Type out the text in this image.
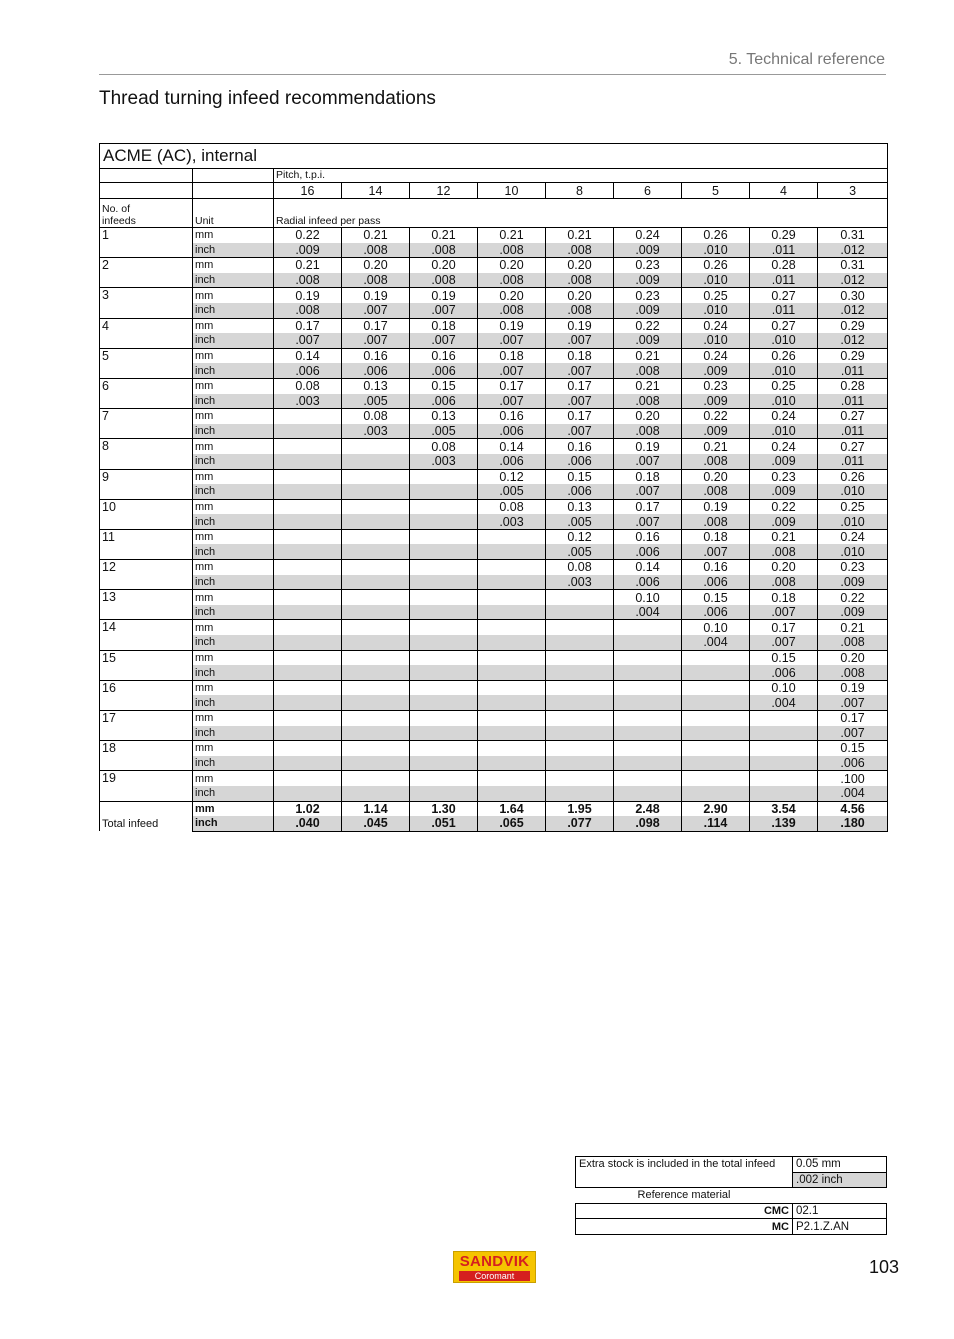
5. Technical reference
Thread turning infeed recommendations
ACME (AC), internal										
		Pitch, t.p.i.								
		16	14	12	10	8	6	5	4	3
No. of
infeeds	Unit	Radial infeed per pass								
1	mm	0.22	0.21	0.21	0.21	0.21	0.24	0.26	0.29	0.31
	inch	.009	.008	.008	.008	.008	.009	.010	.011	.012
2	mm	0.21	0.20	0.20	0.20	0.20	0.23	0.26	0.28	0.31
	inch	.008	.008	.008	.008	.008	.009	.010	.011	.012
3	mm	0.19	0.19	0.19	0.20	0.20	0.23	0.25	0.27	0.30
	inch	.008	.007	.007	.008	.008	.009	.010	.011	.012
4	mm	0.17	0.17	0.18	0.19	0.19	0.22	0.24	0.27	0.29
	inch	.007	.007	.007	.007	.007	.009	.010	.010	.012
5	mm	0.14	0.16	0.16	0.18	0.18	0.21	0.24	0.26	0.29
	inch	.006	.006	.006	.007	.007	.008	.009	.010	.011
6	mm	0.08	0.13	0.15	0.17	0.17	0.21	0.23	0.25	0.28
	inch	.003	.005	.006	.007	.007	.008	.009	.010	.011
7	mm		0.08	0.13	0.16	0.17	0.20	0.22	0.24	0.27
	inch		.003	.005	.006	.007	.008	.009	.010	.011
8	mm			0.08	0.14	0.16	0.19	0.21	0.24	0.27
	inch			.003	.006	.006	.007	.008	.009	.011
9	mm				0.12	0.15	0.18	0.20	0.23	0.26
	inch				.005	.006	.007	.008	.009	.010
10	mm				0.08	0.13	0.17	0.19	0.22	0.25
	inch				.003	.005	.007	.008	.009	.010
11	mm					0.12	0.16	0.18	0.21	0.24
	inch					.005	.006	.007	.008	.010
12	mm					0.08	0.14	0.16	0.20	0.23
	inch					.003	.006	.006	.008	.009
13	mm						0.10	0.15	0.18	0.22
	inch						.004	.006	.007	.009
14	mm							0.10	0.17	0.21
	inch							.004	.007	.008
15	mm								0.15	0.20
	inch								.006	.008
16	mm								0.10	0.19
	inch								.004	.007
17	mm									0.17
	inch									.007
18	mm									0.15
	inch									.006
19	mm									.100
	inch									.004
Total infeed	mm	1.02	1.14	1.30	1.64	1.95	2.48	2.90	3.54	4.56
	inch	.040	.045	.051	.065	.077	.098	.114	.139	.180
Extra stock is included in the total infeed	0.05 mm
	.002 inch
Reference material	
CMC	02.1
MC	P2.1.Z.AN
SANDVIK
Coromant	103
